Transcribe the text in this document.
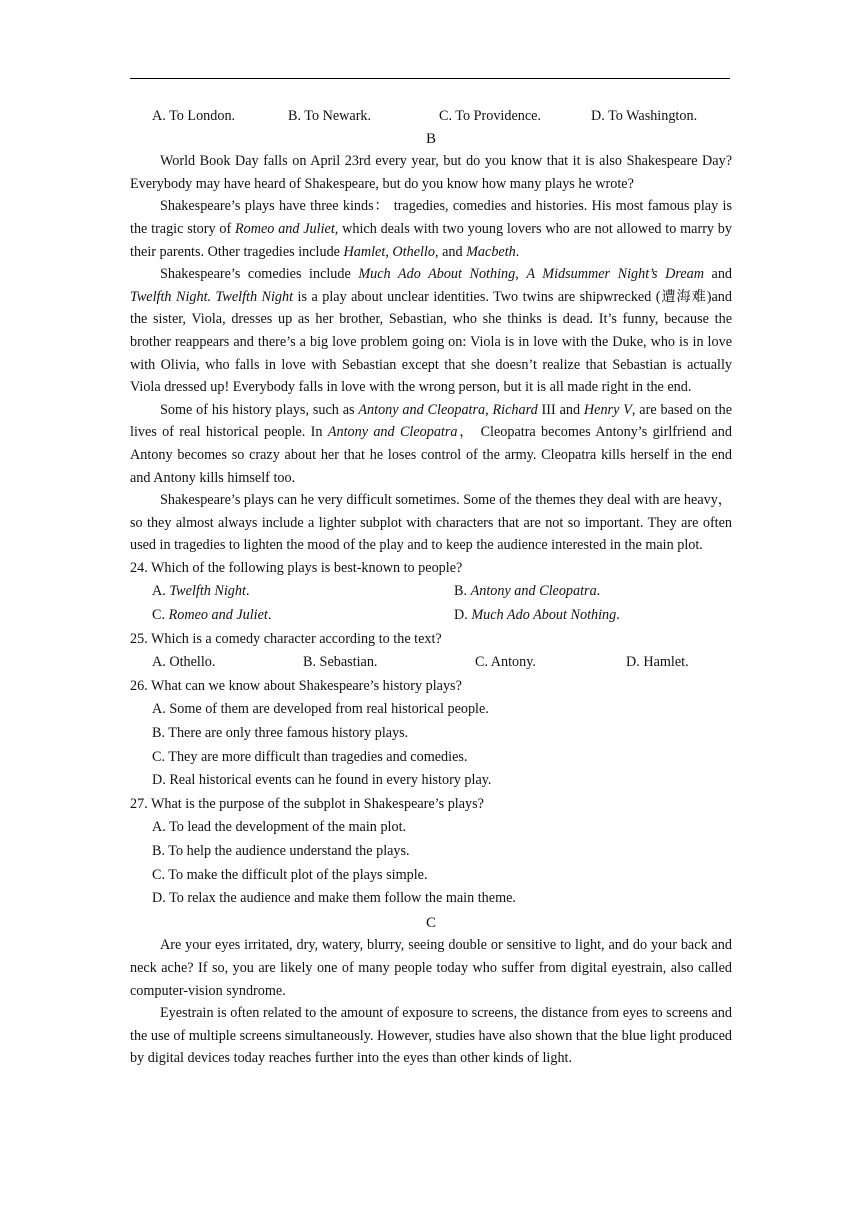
A. To London.	B. To Newark.	C. To Providence.	D. To Washington.
B

World Book Day falls on April 23rd every year, but do you know that it is also Shakespeare Day? Everybody may have heard of Shakespeare, but do you know how many plays he wrote?

Shakespeare’s plays have three kinds： tragedies, comedies and histories. His most famous play is the tragic story of Romeo and Juliet, which deals with two young lovers who are not allowed to marry by their parents. Other tragedies include Hamlet, Othello, and Macbeth.

Shakespeare’s comedies include Much Ado About Nothing, A Midsummer Night’s Dream and Twelfth Night. Twelfth Night is a play about unclear identities. Two twins are shipwrecked (遭海难)and the sister, Viola, dresses up as her brother, Sebastian, who she thinks is dead. It’s funny, because the brother reappears and there’s a big love problem going on: Viola is in love with the Duke, who is in love with Olivia, who falls in love with Sebastian except that she doesn’t realize that Sebastian is actually Viola dressed up! Everybody falls in love with the wrong person, but it is all made right in the end.

Some of his history plays, such as Antony and Cleopatra, Richard III and Henry V, are based on the lives of real historical people. In Antony and Cleopatra， Cleopatra becomes Antony’s girlfriend and Antony becomes so crazy about her that he loses control of the army. Cleopatra kills herself in the end and Antony kills himself too.

Shakespeare’s plays can he very difficult sometimes. Some of the themes they deal with are heavy， so they almost always include a lighter subplot with characters that are not so important. They are often used in tragedies to lighten the mood of the play and to keep the audience interested in the main plot.

24. Which of the following plays is best-known to people?
A. Twelfth Night.	B. Antony and Cleopatra.
C. Romeo and Juliet.	D. Much Ado About Nothing.
25. Which is a comedy character according to the text?
A. Othello.	B. Sebastian.	C. Antony.	D. Hamlet.
26. What can we know about Shakespeare’s history plays?
A. Some of them are developed from real historical people.
B. There are only three famous history plays.
C. They are more difficult than tragedies and comedies.
D. Real historical events can he found in every history play.
27. What is the purpose of the subplot in Shakespeare’s plays?
A. To lead the development of the main plot.
B. To help the audience understand the plays.
C. To make the difficult plot of the plays simple.
D. To relax the audience and make them follow the main theme.
C

Are your eyes irritated, dry, watery, blurry, seeing double or sensitive to light, and do your back and neck ache? If so, you are likely one of many people today who suffer from digital eyestrain, also called computer-vision syndrome.

Eyestrain is often related to the amount of exposure to screens, the distance from eyes to screens and the use of multiple screens simultaneously. However, studies have also shown that the blue light produced by digital devices today reaches further into the eyes than other kinds of light.
